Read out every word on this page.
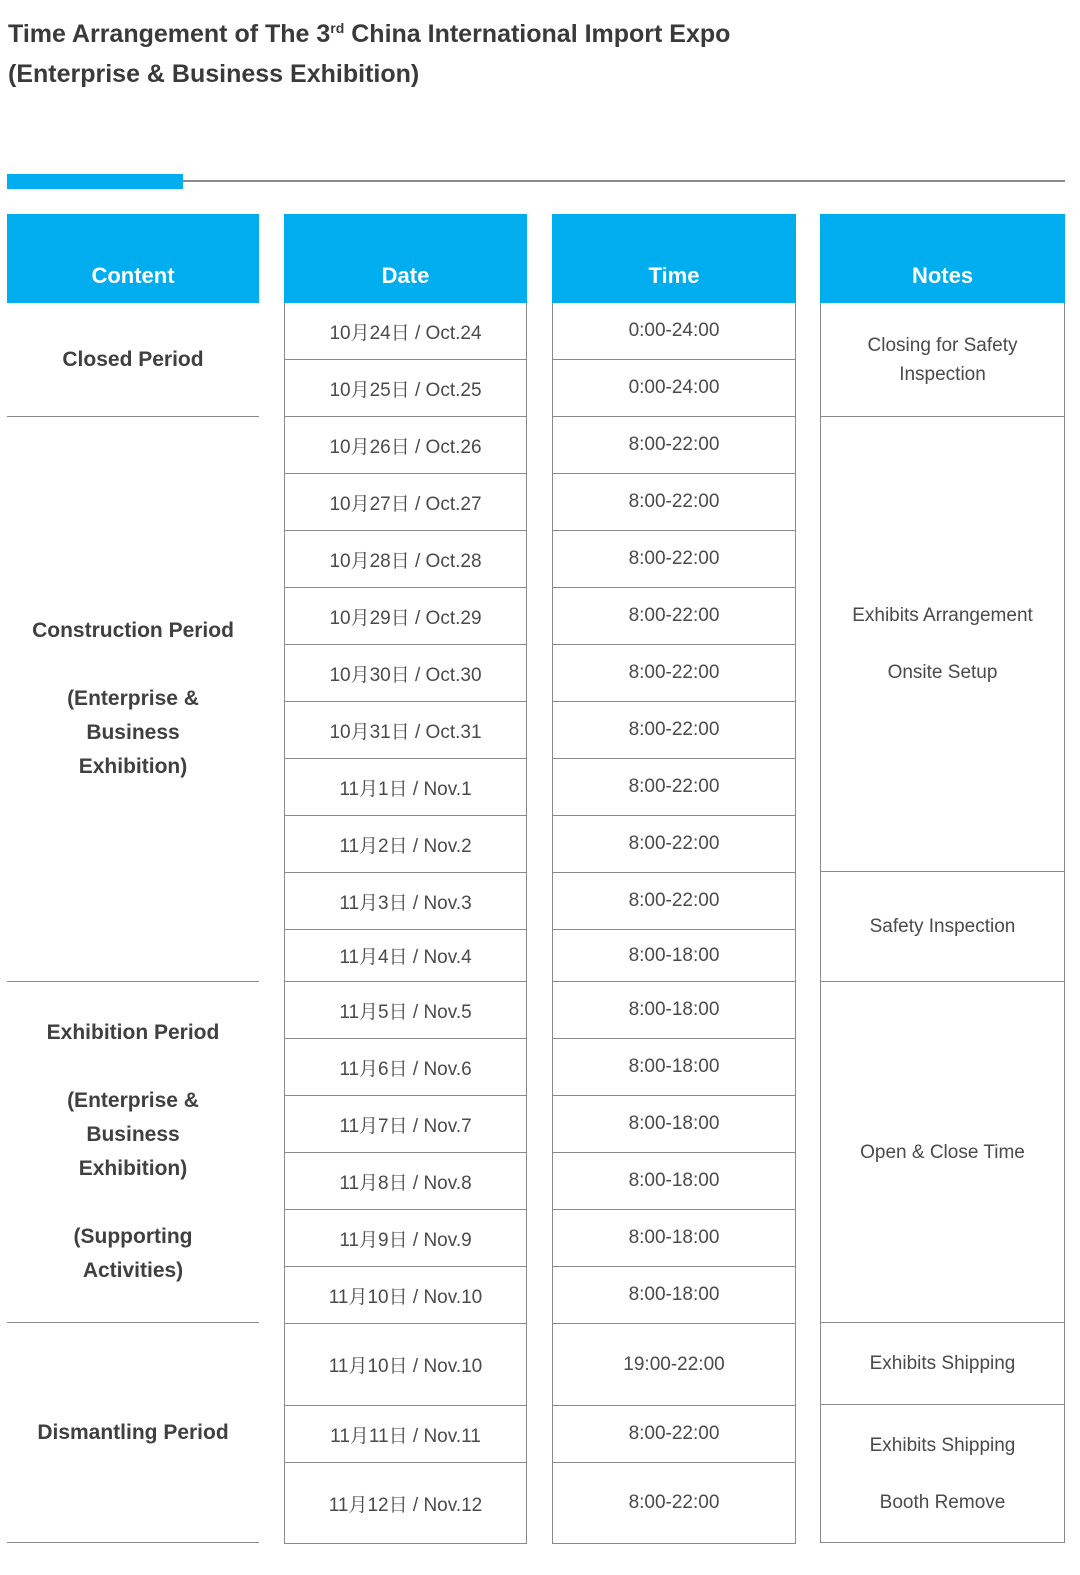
Time Arrangement of The 3rd China International Import Expo
(Enterprise & Business Exhibition)
Content
Closed Period
Construction Period
(Enterprise & Business Exhibition)
Exhibition Period
(Enterprise & Business Exhibition)
(Supporting Activities)
Dismantling Period
Date
10月24日 / Oct.24
10月25日 / Oct.25
10月26日 / Oct.26
10月27日 / Oct.27
10月28日 / Oct.28
10月29日 / Oct.29
10月30日 / Oct.30
10月31日 / Oct.31
11月1日 / Nov.1
11月2日 / Nov.2
11月3日 / Nov.3
11月4日 / Nov.4
11月5日 / Nov.5
11月6日 / Nov.6
11月7日 / Nov.7
11月8日 / Nov.8
11月9日 / Nov.9
11月10日 / Nov.10
11月10日 / Nov.10
11月11日 / Nov.11
11月12日 / Nov.12
Time
0:00-24:00
0:00-24:00
8:00-22:00
8:00-22:00
8:00-22:00
8:00-22:00
8:00-22:00
8:00-22:00
8:00-22:00
8:00-22:00
8:00-22:00
8:00-18:00
8:00-18:00
8:00-18:00
8:00-18:00
8:00-18:00
8:00-18:00
8:00-18:00
19:00-22:00
8:00-22:00
8:00-22:00
Notes
Closing for Safety Inspection
Exhibits Arrangement
Onsite Setup
Safety Inspection
Open & Close Time
Exhibits Shipping
Exhibits Shipping
Booth Remove
